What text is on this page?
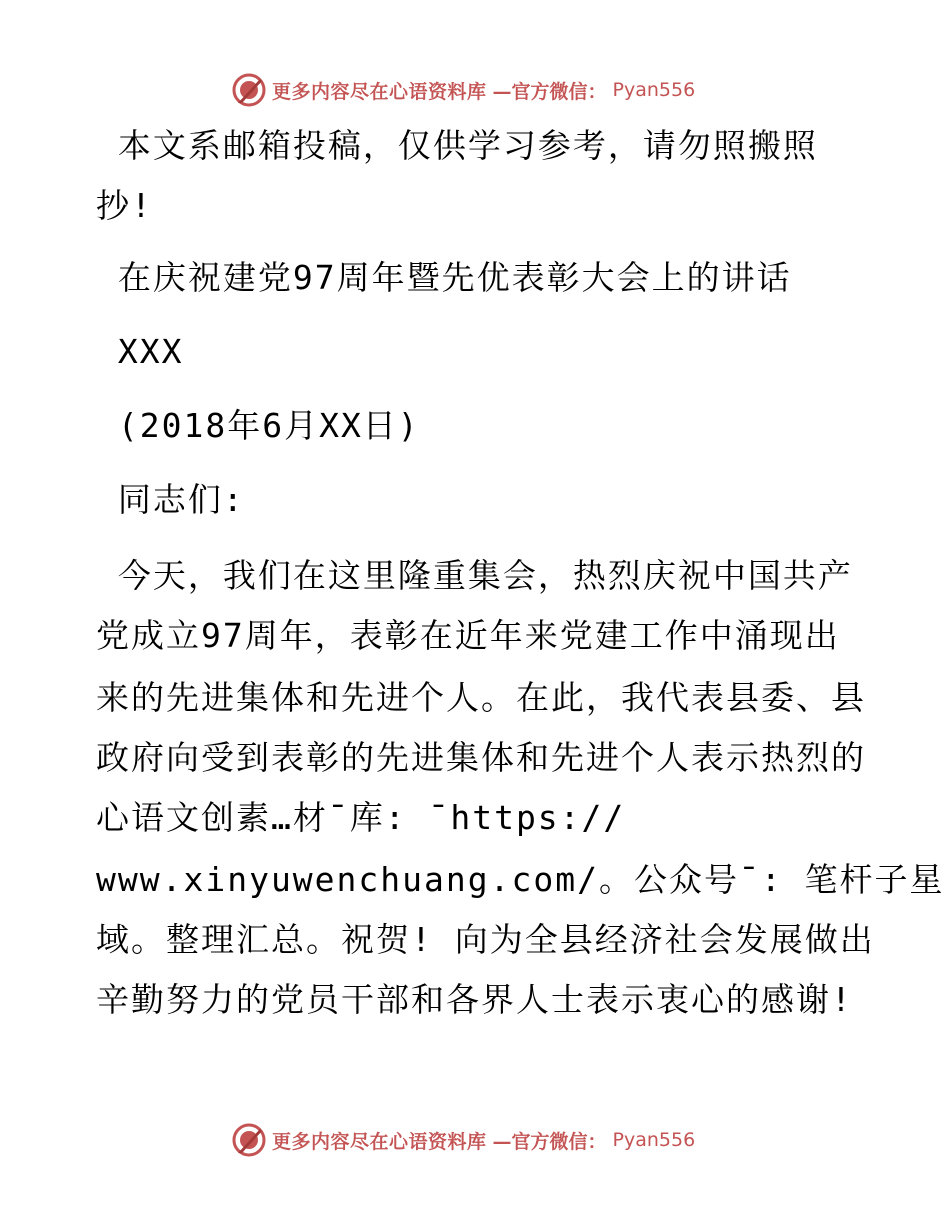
更多内容尽在心语资料库 —官方微信： Pyan556

本文系邮箱投稿，仅供学习参考，请勿照搬照

抄!

在庆祝建党97周年暨先优表彰大会上的讲话

XXX

(2018年6月XX日)

同志们:

今天，我们在这里隆重集会，热烈庆祝中国共产

党成立97周年，表彰在近年来党建工作中涌现出

来的先进集体和先进个人。在此，我代表县委、县

政府向受到表彰的先进集体和先进个人表示热烈的

心语文创素…材¯库: ¯https://

www.xinyuwenchuang.com/。公众号¯: 笔杆子星

域。整理汇总。祝贺! 向为全县经济社会发展做出

辛勤努力的党员干部和各界人士表示衷心的感谢!

更多内容尽在心语资料库 —官方微信： Pyan556
